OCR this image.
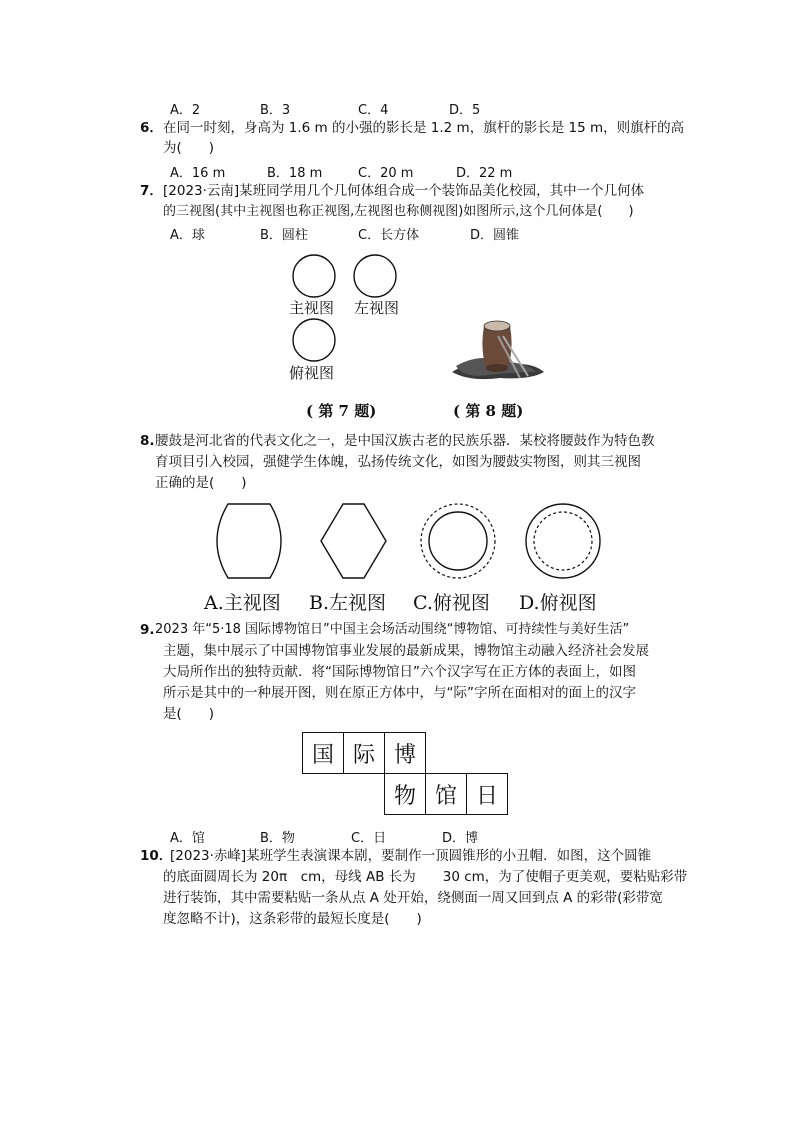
A．2	B．3	C．4	D．5
6． 在同一时刻，身高为 1.6 m 的小强的影长是 1.2 m，旗杆的影长是 15 m，则旗杆的高
为(　　)
A．16 m	B．18 m	C．20 m	D．22 m
7． [2023·云南]某班同学用几个几何体组合成一个装饰品美化校园，其中一个几何体
的三视图(其中主视图也称正视图,左视图也称侧视图)如图所示,这个几何体是(　　)
A．球	B．圆柱	C．长方体	D．圆锥
主视图 左视图
俯视图
( 第 7 题)	( 第 8 题)
8. 腰鼓是河北省的代表文化之一，是中国汉族古老的民族乐器．某校将腰鼓作为特色教
育项目引入校园，强健学生体魄，弘扬传统文化，如图为腰鼓实物图，则其三视图
正确的是(　　)
A.主视图 B.左视图 C.俯视图 D.俯视图
9. 2023 年“5·18 国际博物馆日”中国主会场活动围绕“博物馆、可持续性与美好生活”
主题，集中展示了中国博物馆事业发展的最新成果，博物馆主动融入经济社会发展
大局所作出的独特贡献．将“国际博物馆日”六个汉字写在正方体的表面上，如图
所示是其中的一种展开图，则在原正方体中，与“际”字所在面相对的面上的汉字
是(　　)
国 际 博
物 馆 日
A．馆	B．物	C．日	D．博
10．
[2023·赤峰]某班学生表演课本剧，要制作一顶圆锥形的小丑帽．如图，这个圆锥
的底面圆周长为 20π　cm，母线 AB 长为　　30 cm，为了使帽子更美观，要粘贴彩带
进行装饰，其中需要粘贴一条从点 A 处开始，绕侧面一周又回到点 A 的彩带(彩带宽
度忽略不计)，这条彩带的最短长度是(　　)
